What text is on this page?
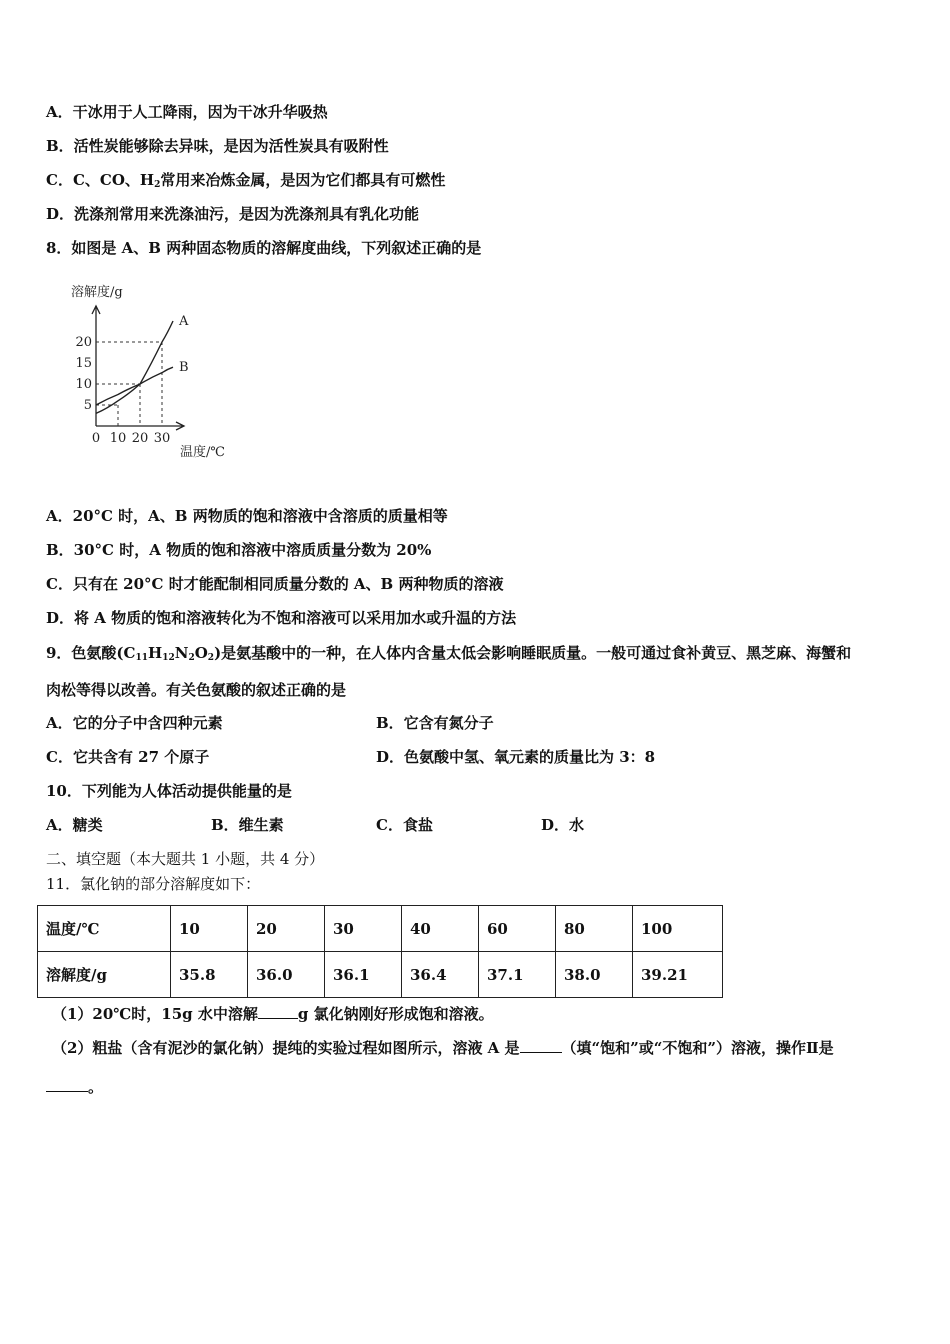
A．干冰用于人工降雨，因为干冰升华吸热
B．活性炭能够除去异味，是因为活性炭具有吸附性
C．C、CO、$H_2$常用来冶炼金属，是因为它们都具有可燃性
D．洗涤剂常用来洗涤油污，是因为洗涤剂具有乳化功能
8．如图是 A、B 两种固态物质的溶解度曲线，下列叙述正确的是
溶解度/g
温度/℃
0 10 20 30
5
10
15
20
A
B
A．20°C 时，A、B 两物质的饱和溶液中含溶质的质量相等
B．30°C 时，A 物质的饱和溶液中溶质质量分数为 20%
C．只有在 20°C 时才能配制相同质量分数的 A、B 两种物质的溶液
D．将 A 物质的饱和溶液转化为不饱和溶液可以采用加水或升温的方法
9．色氨酸$(C_{11}H_{12}N_2O_2)$是氨基酸中的一种，在人体内含量太低会影响睡眠质量。一般可通过食补黄豆、黑芝麻、海蟹和
肉松等得以改善。有关色氨酸的叙述正确的是
A．它的分子中含四种元素	B．它含有氮分子
C．它共含有 27 个原子	D．色氨酸中氢、氧元素的质量比为 3：8
10．下列能为人体活动提供能量的是
A．糖类	B．维生素	C．食盐	D．水
二、填空题（本大题共 1 小题，共 4 分）
11．氯化钠的部分溶解度如下：
温度/℃	10	20	30	40	60	80	100
溶解度/g	35.8	36.0	36.1	36.4	37.1	38.0	39.21
（1）20℃时，15g 水中溶解	g 氯化钠刚好形成饱和溶液。
（2）粗盐（含有泥沙的氯化钠）提纯的实验过程如图所示，溶液 A 是	（填“饱和”或“不饱和”）溶液，操作Ⅱ是
。
